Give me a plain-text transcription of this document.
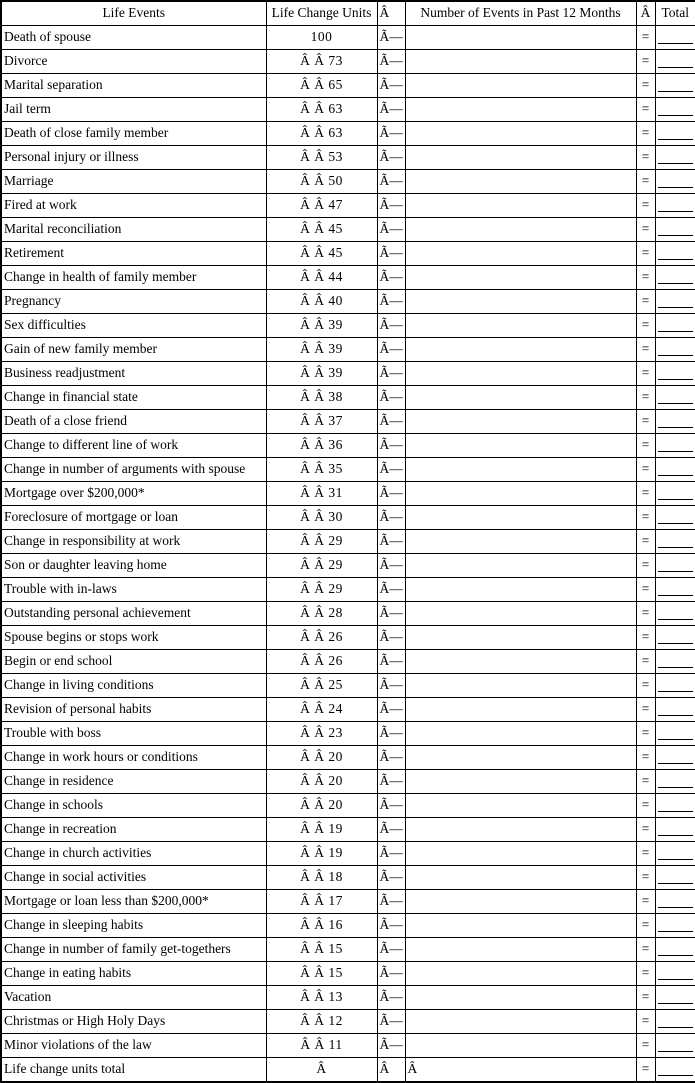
Life Events	Life Change Units	Â	Number of Events in Past 12 Months	Â	Total
Death of spouse	100	Ã—		=	

Divorce	Â Â 73	Ã—		=	

Marital separation	Â Â 65	Ã—		=	

Jail term	Â Â 63	Ã—		=	

Death of close family member	Â Â 63	Ã—		=	

Personal injury or illness	Â Â 53	Ã—		=	

Marriage	Â Â 50	Ã—		=	

Fired at work	Â Â 47	Ã—		=	

Marital reconciliation	Â Â 45	Ã—		=	

Retirement	Â Â 45	Ã—		=	

Change in health of family member	Â Â 44	Ã—		=	

Pregnancy	Â Â 40	Ã—		=	

Sex difficulties	Â Â 39	Ã—		=	

Gain of new family member	Â Â 39	Ã—		=	

Business readjustment	Â Â 39	Ã—		=	

Change in financial state	Â Â 38	Ã—		=	

Death of a close friend	Â Â 37	Ã—		=	

Change to different line of work	Â Â 36	Ã—		=	

Change in number of arguments with spouse	Â Â 35	Ã—		=	

Mortgage over $200,000*	Â Â 31	Ã—		=	

Foreclosure of mortgage or loan	Â Â 30	Ã—		=	

Change in responsibility at work	Â Â 29	Ã—		=	

Son or daughter leaving home	Â Â 29	Ã—		=	

Trouble with in-laws	Â Â 29	Ã—		=	

Outstanding personal achievement	Â Â 28	Ã—		=	

Spouse begins or stops work	Â Â 26	Ã—		=	

Begin or end school	Â Â 26	Ã—		=	

Change in living conditions	Â Â 25	Ã—		=	

Revision of personal habits	Â Â 24	Ã—		=	

Trouble with boss	Â Â 23	Ã—		=	

Change in work hours or conditions	Â Â 20	Ã—		=	

Change in residence	Â Â 20	Ã—		=	

Change in schools	Â Â 20	Ã—		=	

Change in recreation	Â Â 19	Ã—		=	

Change in church activities	Â Â 19	Ã—		=	

Change in social activities	Â Â 18	Ã—		=	

Mortgage or loan less than $200,000*	Â Â 17	Ã—		=	

Change in sleeping habits	Â Â 16	Ã—		=	

Change in number of family get-togethers	Â Â 15	Ã—		=	

Change in eating habits	Â Â 15	Ã—		=	

Vacation	Â Â 13	Ã—		=	

Christmas or High Holy Days	Â Â 12	Ã—		=	

Minor violations of the law	Â Â 11	Ã—		=	

Life change units total	Â	Â	Â	=	
